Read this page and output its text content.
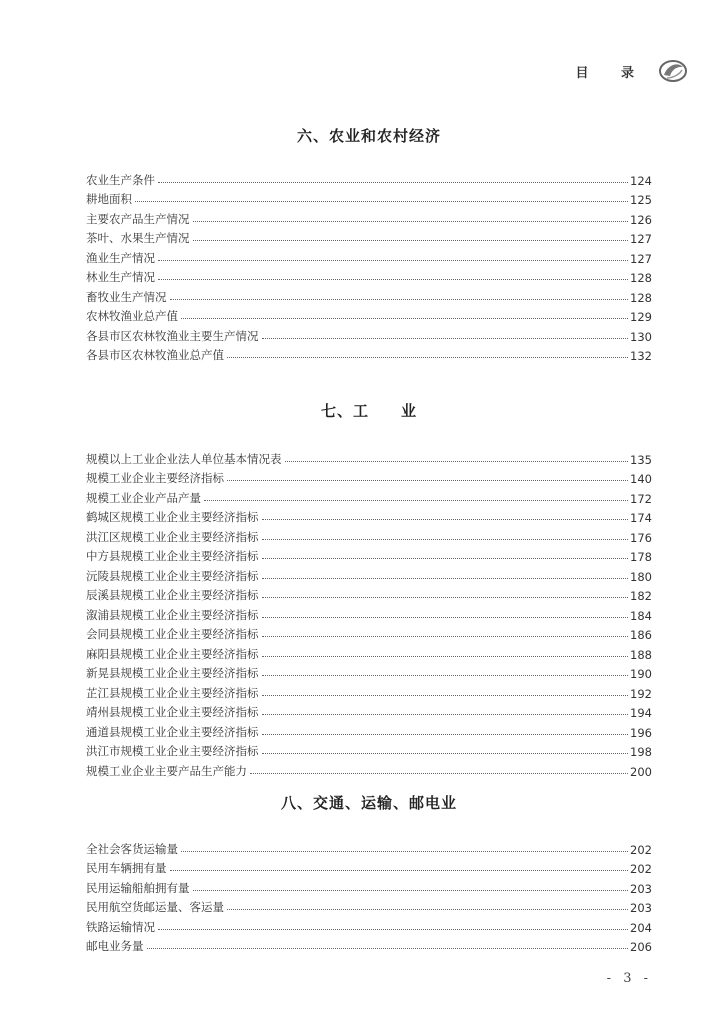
目 录
六、农业和农村经济
农业生产条件	124
耕地面积	125
主要农产品生产情况	126
茶叶、水果生产情况	127
渔业生产情况	127
林业生产情况	128
畜牧业生产情况	128
农林牧渔业总产值	129
各县市区农林牧渔业主要生产情况	130
各县市区农林牧渔业总产值	132
七、工　　业
规模以上工业企业法人单位基本情况表	135
规模工业企业主要经济指标	140
规模工业企业产品产量	172
鹤城区规模工业企业主要经济指标	174
洪江区规模工业企业主要经济指标	176
中方县规模工业企业主要经济指标	178
沅陵县规模工业企业主要经济指标	180
辰溪县规模工业企业主要经济指标	182
溆浦县规模工业企业主要经济指标	184
会同县规模工业企业主要经济指标	186
麻阳县规模工业企业主要经济指标	188
新晃县规模工业企业主要经济指标	190
芷江县规模工业企业主要经济指标	192
靖州县规模工业企业主要经济指标	194
通道县规模工业企业主要经济指标	196
洪江市规模工业企业主要经济指标	198
规模工业企业主要产品生产能力	200
八、交通、运输、邮电业
全社会客货运输量	202
民用车辆拥有量	202
民用运输船舶拥有量	203
民用航空货邮运量、客运量	203
铁路运输情况	204
邮电业务量	206
- 3 -
